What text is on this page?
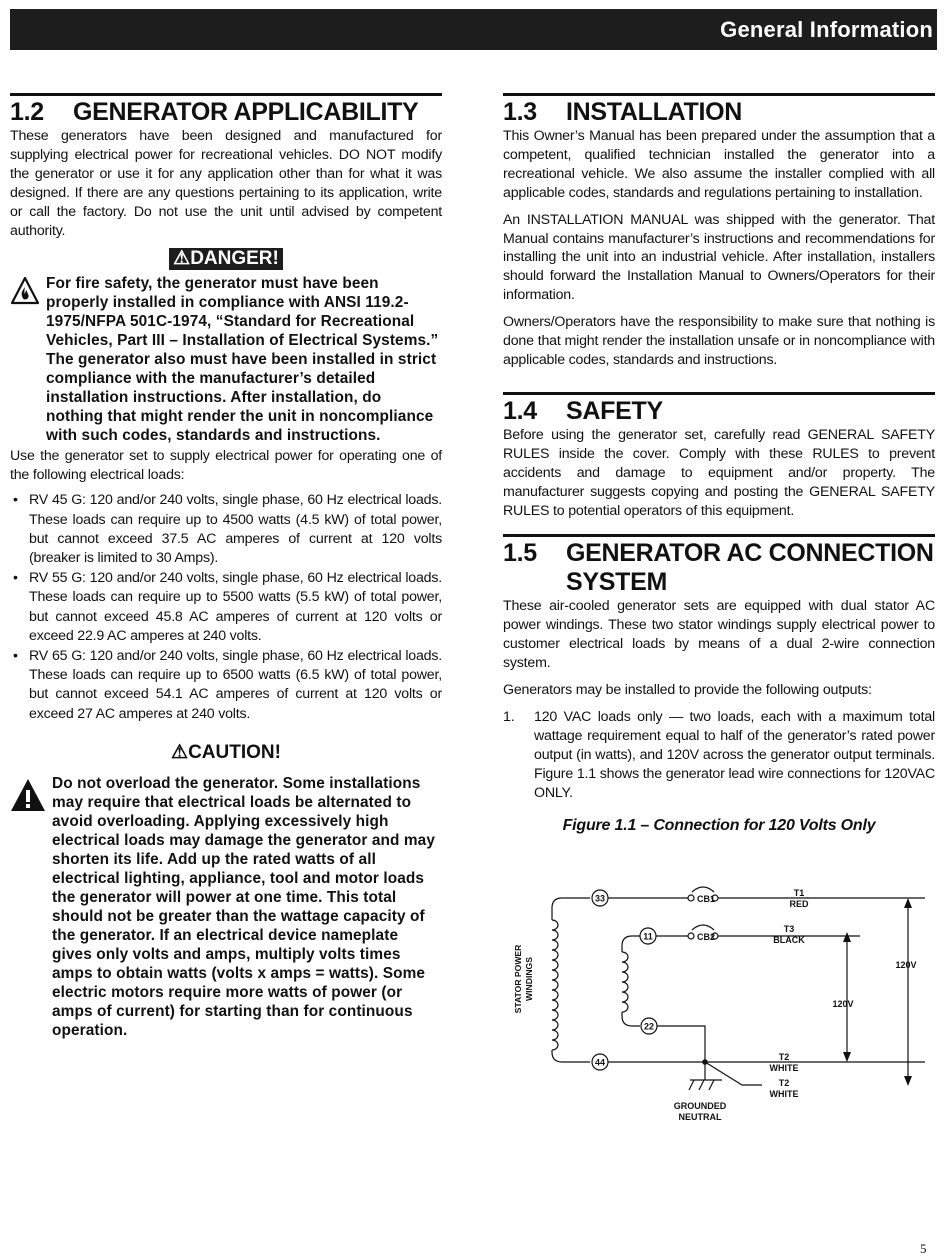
General Information
1.2	GENERATOR APPLICABILITY

These generators have been designed and manufactured for supplying electrical power for recreational vehicles. DO NOT modify the generator or use it for any application other than for what it was designed. If there are any questions pertaining to its application, write or call the factory. Do not use the unit until advised by competent authority.

⚠DANGER!

For fire safety, the generator must have been properly installed in compliance with ANSI 119.2-1975/NFPA 501C-1974, “Standard for Recreational Vehicles, Part III – Installation of Electrical Systems.” The generator also must have been installed in strict compliance with the manufacturer’s detailed installation instructions. After installation, do nothing that might render the unit in noncompliance with such codes, standards and instructions.

Use the generator set to supply electrical power for operating one of the following electrical loads:

• RV 45 G: 120 and/or 240 volts, single phase, 60 Hz electrical loads. These loads can require up to 4500 watts (4.5 kW) of total power, but cannot exceed 37.5 AC amperes of current at 120 volts (breaker is limited to 30 Amps).
• RV 55 G: 120 and/or 240 volts, single phase, 60 Hz electrical loads. These loads can require up to 5500 watts (5.5 kW) of total power, but cannot exceed 45.8 AC amperes of current at 120 volts or exceed 22.9 AC amperes at 240 volts.
• RV 65 G: 120 and/or 240 volts, single phase, 60 Hz electrical loads. These loads can require up to 6500 watts (6.5 kW) of total power, but cannot exceed 54.1 AC amperes of current at 120 volts or exceed 27 AC amperes at 240 volts.
⚠CAUTION!

Do not overload the generator. Some installations may require that electrical loads be alternated to avoid overloading. Applying excessively high electrical loads may damage the generator and may shorten its life. Add up the rated watts of all electrical lighting, appliance, tool and motor loads the generator will power at one time. This total should not be greater than the wattage capacity of the generator. If an electrical device nameplate gives only volts and amps, multiply volts times amps to obtain watts (volts x amps = watts). Some electric motors require more watts of power (or amps of current) for starting than for continuous operation.

1.3	INSTALLATION

This Owner’s Manual has been prepared under the assumption that a competent, qualified technician installed the generator into a recreational vehicle. We also assume the installer complied with all applicable codes, standards and regulations pertaining to installation.

An INSTALLATION MANUAL was shipped with the generator. That Manual contains manufacturer’s instructions and recommendations for installing the unit into an industrial vehicle. After installation, installers should forward the Installation Manual to Owners/Operators for their information.

Owners/Operators have the responsibility to make sure that nothing is done that might render the installation unsafe or in noncompliance with applicable codes, standards and instructions.

1.4	SAFETY

Before using the generator set, carefully read GENERAL SAFETY RULES inside the cover. Comply with these RULES to prevent accidents and damage to equipment and/or property. The manufacturer suggests copying and posting the GENERAL SAFETY RULES to potential operators of this equipment.

1.5	GENERATOR AC CONNECTION SYSTEM

These air-cooled generator sets are equipped with dual stator AC power windings. These two stator windings supply electrical power to customer electrical loads by means of a dual 2-wire connection system.

Generators may be installed to provide the following outputs:

1. 120 VAC loads only — two loads, each with a maximum total wattage requirement equal to half of the generator’s rated power output (in watts), and 120V across the generator output terminals. Figure 1.1 shows the generator lead wire connections for 120VAC ONLY.

Figure 1.1 – Connection for 120 Volts Only

33
11
22
44
CB1
CB2
T1
RED
T3
BLACK
T2
WHITE
T2
WHITE
120V
120V
GROUNDED
NEUTRAL
STATOR POWER WINDINGS
5
